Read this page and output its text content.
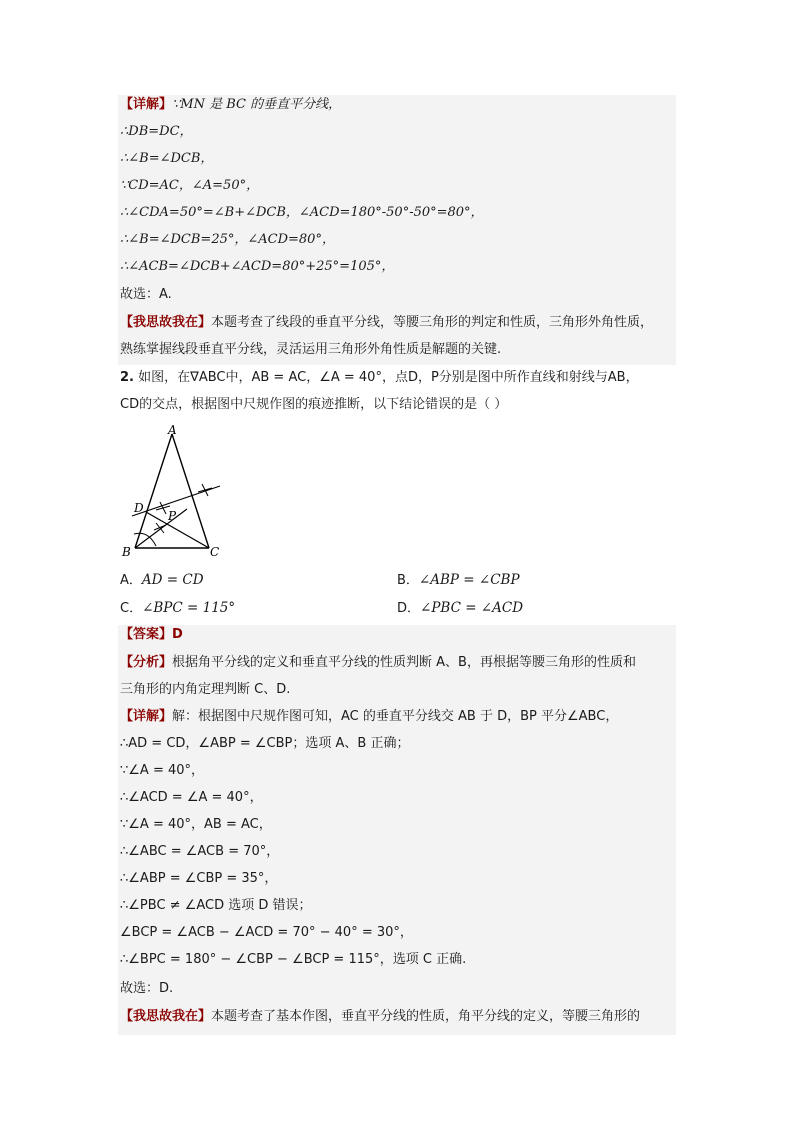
【详解】∵MN 是 BC 的垂直平分线，
∴DB=DC，
∴∠B=∠DCB，
∵CD=AC，∠A=50°，
∴∠CDA=50°=∠B+∠DCB，∠ACD=180°-50°-50°=80°，
∴∠B=∠DCB=25°，∠ACD=80°，
∴∠ACB=∠DCB+∠ACD=80°+25°=105°，
故选：A.
【我思故我在】本题考查了线段的垂直平分线，等腰三角形的判定和性质，三角形外角性质，
熟练掌握线段垂直平分线，灵活运用三角形外角性质是解题的关键.
2. 如图，在∇ABC中，AB = AC，∠A = 40°，点D，P分别是图中所作直线和射线与AB，
CD的交点，根据图中尺规作图的痕迹推断，以下结论错误的是（ ）
A
B	C
D
P
A．AD = CD	B．∠ABP = ∠CBP
C．∠BPC = 115°	D．∠PBC = ∠ACD
【答案】D
【分析】根据角平分线的定义和垂直平分线的性质判断 A、B，再根据等腰三角形的性质和
三角形的内角定理判断 C、D.
【详解】解：根据图中尺规作图可知，AC 的垂直平分线交 AB 于 D，BP 平分∠ABC，
∴AD = CD，∠ABP = ∠CBP；选项 A、B 正确；
∵∠A = 40°，
∴∠ACD = ∠A = 40°，
∵∠A = 40°，AB = AC，
∴∠ABC = ∠ACB = 70°，
∴∠ABP = ∠CBP = 35°，
∴∠PBC ≠ ∠ACD 选项 D 错误；
∠BCP = ∠ACB − ∠ACD = 70° − 40° = 30°，
∴∠BPC = 180° − ∠CBP − ∠BCP = 115°，选项 C 正确.
故选：D.
【我思故我在】本题考查了基本作图，垂直平分线的性质，角平分线的定义，等腰三角形的
